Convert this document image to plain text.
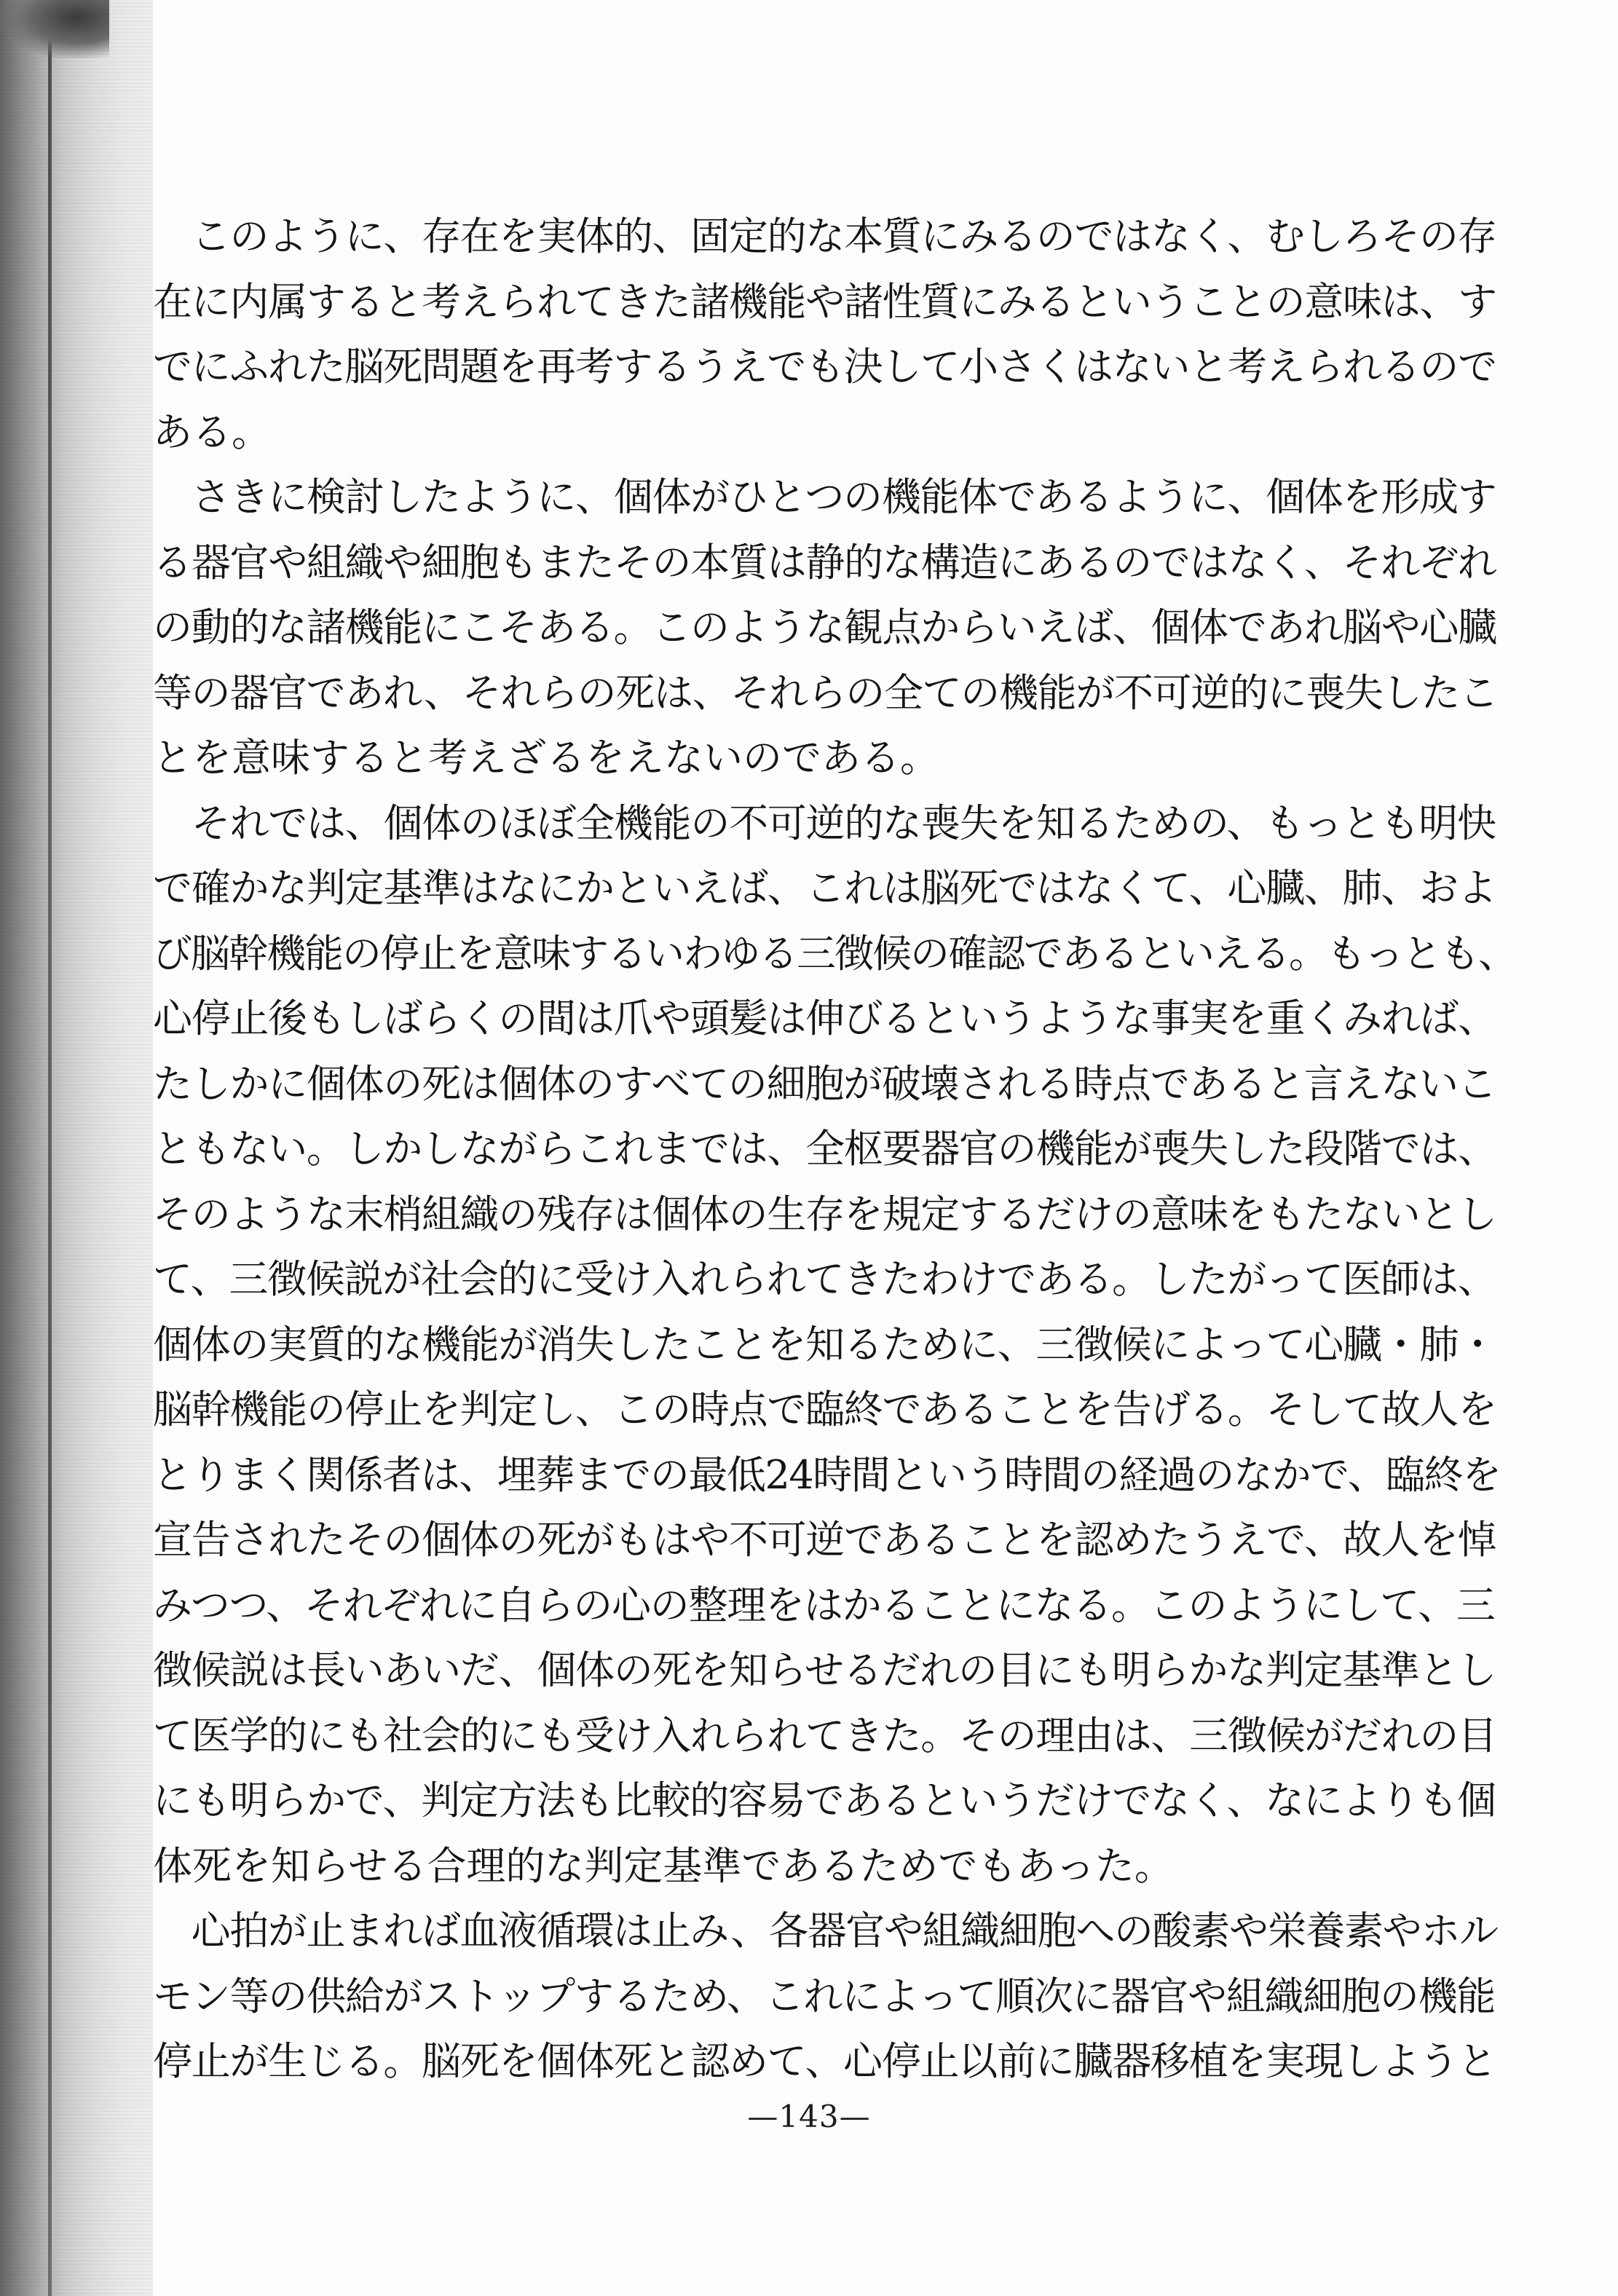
　このように、存在を実体的、固定的な本質にみるのではなく、むしろその存
在に内属すると考えられてきた諸機能や諸性質にみるということの意味は、す
でにふれた脳死問題を再考するうえでも決して小さくはないと考えられるので
ある。

　さきに検討したように、個体がひとつの機能体であるように、個体を形成す
る器官や組織や細胞もまたその本質は静的な構造にあるのではなく、それぞれ
の動的な諸機能にこそある。このような観点からいえば、個体であれ脳や心臓
等の器官であれ、それらの死は、それらの全ての機能が不可逆的に喪失したこ
とを意味すると考えざるをえないのである。

　それでは、個体のほぼ全機能の不可逆的な喪失を知るための、もっとも明快
で確かな判定基準はなにかといえば、これは脳死ではなくて、心臓、肺、およ
び脳幹機能の停止を意味するいわゆる三徴候の確認であるといえる。もっとも、
心停止後もしばらくの間は爪や頭髪は伸びるというような事実を重くみれば、
たしかに個体の死は個体のすべての細胞が破壊される時点であると言えないこ
ともない。しかしながらこれまでは、全枢要器官の機能が喪失した段階では、
そのような末梢組織の残存は個体の生存を規定するだけの意味をもたないとし
て、三徴候説が社会的に受け入れられてきたわけである。したがって医師は、
個体の実質的な機能が消失したことを知るために、三徴候によって心臓・肺・
脳幹機能の停止を判定し、この時点で臨終であることを告げる。そして故人を
とりまく関係者は、埋葬までの最低24時間という時間の経過のなかで、臨終を
宣告されたその個体の死がもはや不可逆であることを認めたうえで、故人を悼
みつつ、それぞれに自らの心の整理をはかることになる。このようにして、三
徴候説は長いあいだ、個体の死を知らせるだれの目にも明らかな判定基準とし
て医学的にも社会的にも受け入れられてきた。その理由は、三徴候がだれの目
にも明らかで、判定方法も比較的容易であるというだけでなく、なによりも個
体死を知らせる合理的な判定基準であるためでもあった。

　心拍が止まれば血液循環は止み、各器官や組織細胞への酸素や栄養素やホル
モン等の供給がストップするため、これによって順次に器官や組織細胞の機能
停止が生じる。脳死を個体死と認めて、心停止以前に臓器移植を実現しようと

—143—
